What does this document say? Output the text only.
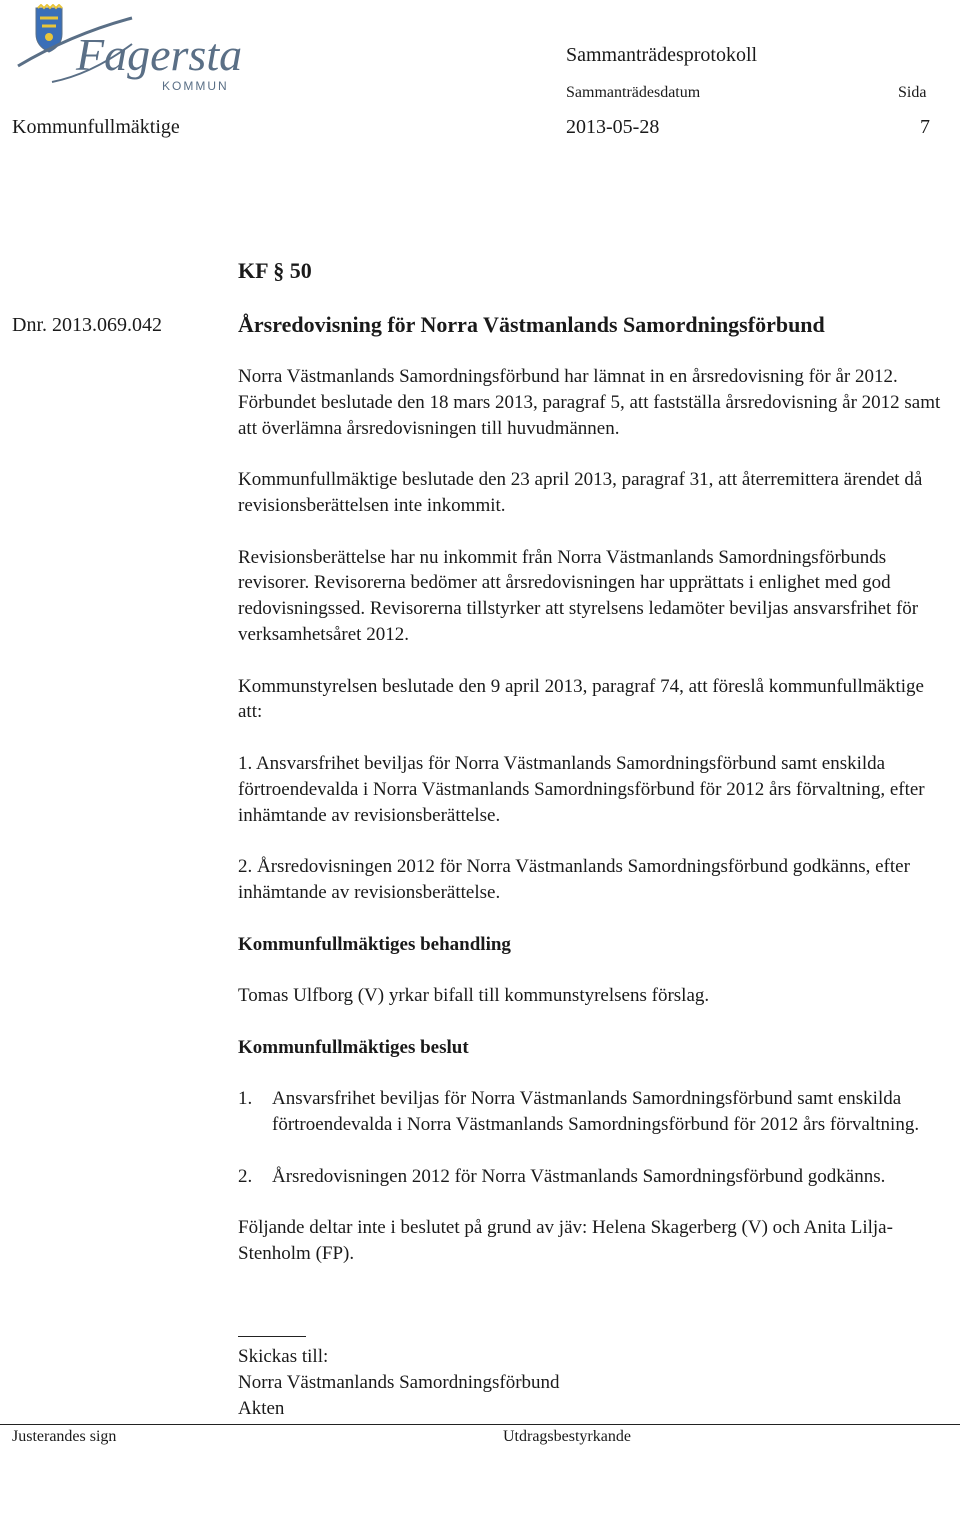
Fagersta
KOMMUN
Sammanträdesprotokoll
Sammanträdesdatum	Sida
Kommunfullmäktige	2013-05-28	7
KF § 50
Dnr. 2013.069.042	Årsredovisning för Norra Västmanlands Samordningsförbund

Norra Västmanlands Samordningsförbund har lämnat in en årsredovisning för år 2012. Förbundet beslutade den 18 mars 2013, paragraf 5, att fastställa årsredovisning år 2012 samt att överlämna årsredovisningen till huvudmännen.

Kommunfullmäktige beslutade den 23 april 2013, paragraf 31, att återremittera ärendet då revisionsberättelsen inte inkommit.

Revisionsberättelse har nu inkommit från Norra Västmanlands Samordningsförbunds revisorer. Revisorerna bedömer att årsredovisningen har upprättats i enlighet med god redovisningssed. Revisorerna tillstyrker att styrelsens ledamöter beviljas ansvarsfrihet för verksamhetsåret 2012.

Kommunstyrelsen beslutade den 9 april 2013, paragraf 74, att föreslå kommunfullmäktige att:

1. Ansvarsfrihet beviljas för Norra Västmanlands Samordningsförbund samt enskilda förtroendevalda i Norra Västmanlands Samordningsförbund för 2012 års förvaltning, efter inhämtande av revisionsberättelse.

2. Årsredovisningen 2012 för Norra Västmanlands Samordningsförbund godkänns, efter inhämtande av revisionsberättelse.

Kommunfullmäktiges behandling

Tomas Ulfborg (V) yrkar bifall till kommunstyrelsens förslag.

Kommunfullmäktiges beslut
1.	Ansvarsfrihet beviljas för Norra Västmanlands Samordningsförbund samt enskilda förtroendevalda i Norra Västmanlands Samordningsförbund för 2012 års förvaltning.
2.	Årsredovisningen 2012 för Norra Västmanlands Samordningsförbund godkänns.

Följande deltar inte i beslutet på grund av jäv: Helena Skagerberg (V) och Anita Lilja-Stenholm (FP).

Skickas till:
Norra Västmanlands Samordningsförbund
Akten
Justerandes sign	Utdragsbestyrkande
